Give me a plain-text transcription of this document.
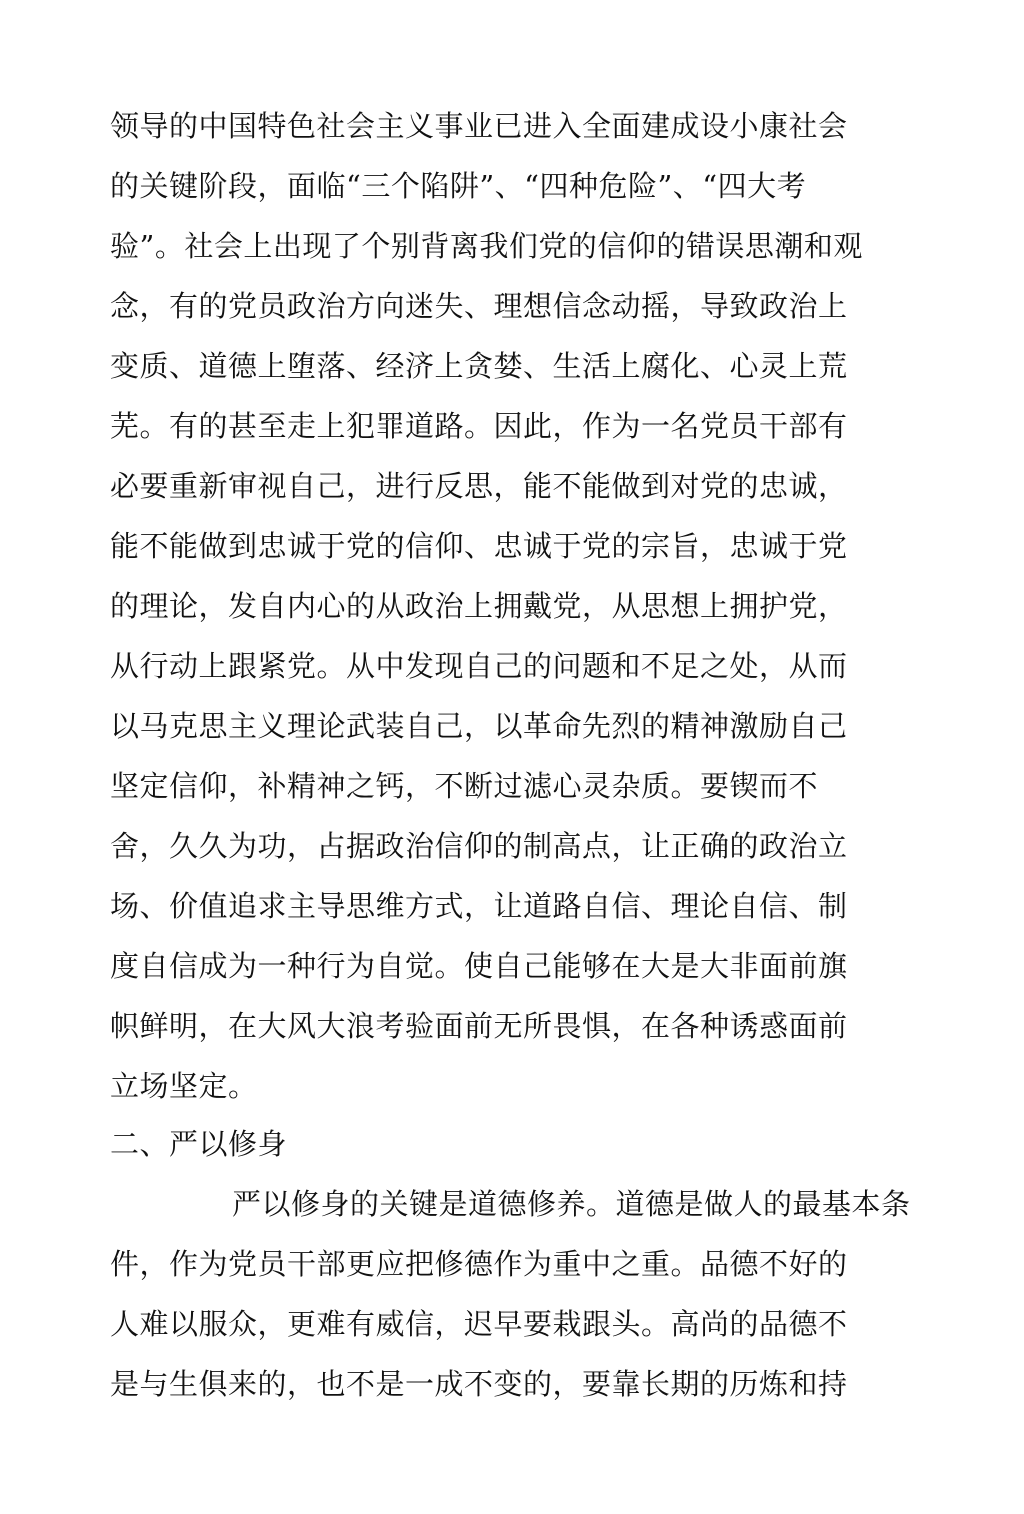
领导的中国特色社会主义事业已进入全面建成设小康社会
的关键阶段，面临“三个陷阱”、“四种危险”、“四大考
验”。社会上出现了个别背离我们党的信仰的错误思潮和观
念，有的党员政治方向迷失、理想信念动摇，导致政治上
变质、道德上堕落、经济上贪婪、生活上腐化、心灵上荒
芜。有的甚至走上犯罪道路。因此，作为一名党员干部有
必要重新审视自己，进行反思，能不能做到对党的忠诚，
能不能做到忠诚于党的信仰、忠诚于党的宗旨，忠诚于党
的理论，发自内心的从政治上拥戴党，从思想上拥护党，
从行动上跟紧党。从中发现自己的问题和不足之处，从而
以马克思主义理论武装自己，以革命先烈的精神激励自己
坚定信仰，补精神之钙，不断过滤心灵杂质。要锲而不
舍，久久为功，占据政治信仰的制高点，让正确的政治立
场、价值追求主导思维方式，让道路自信、理论自信、制
度自信成为一种行为自觉。使自己能够在大是大非面前旗
帜鲜明，在大风大浪考验面前无所畏惧，在各种诱惑面前
立场坚定。
二、严以修身
严以修身的关键是道德修养。道德是做人的最基本条
件，作为党员干部更应把修德作为重中之重。品德不好的
人难以服众，更难有威信，迟早要栽跟头。高尚的品德不
是与生俱来的，也不是一成不变的，要靠长期的历炼和持
